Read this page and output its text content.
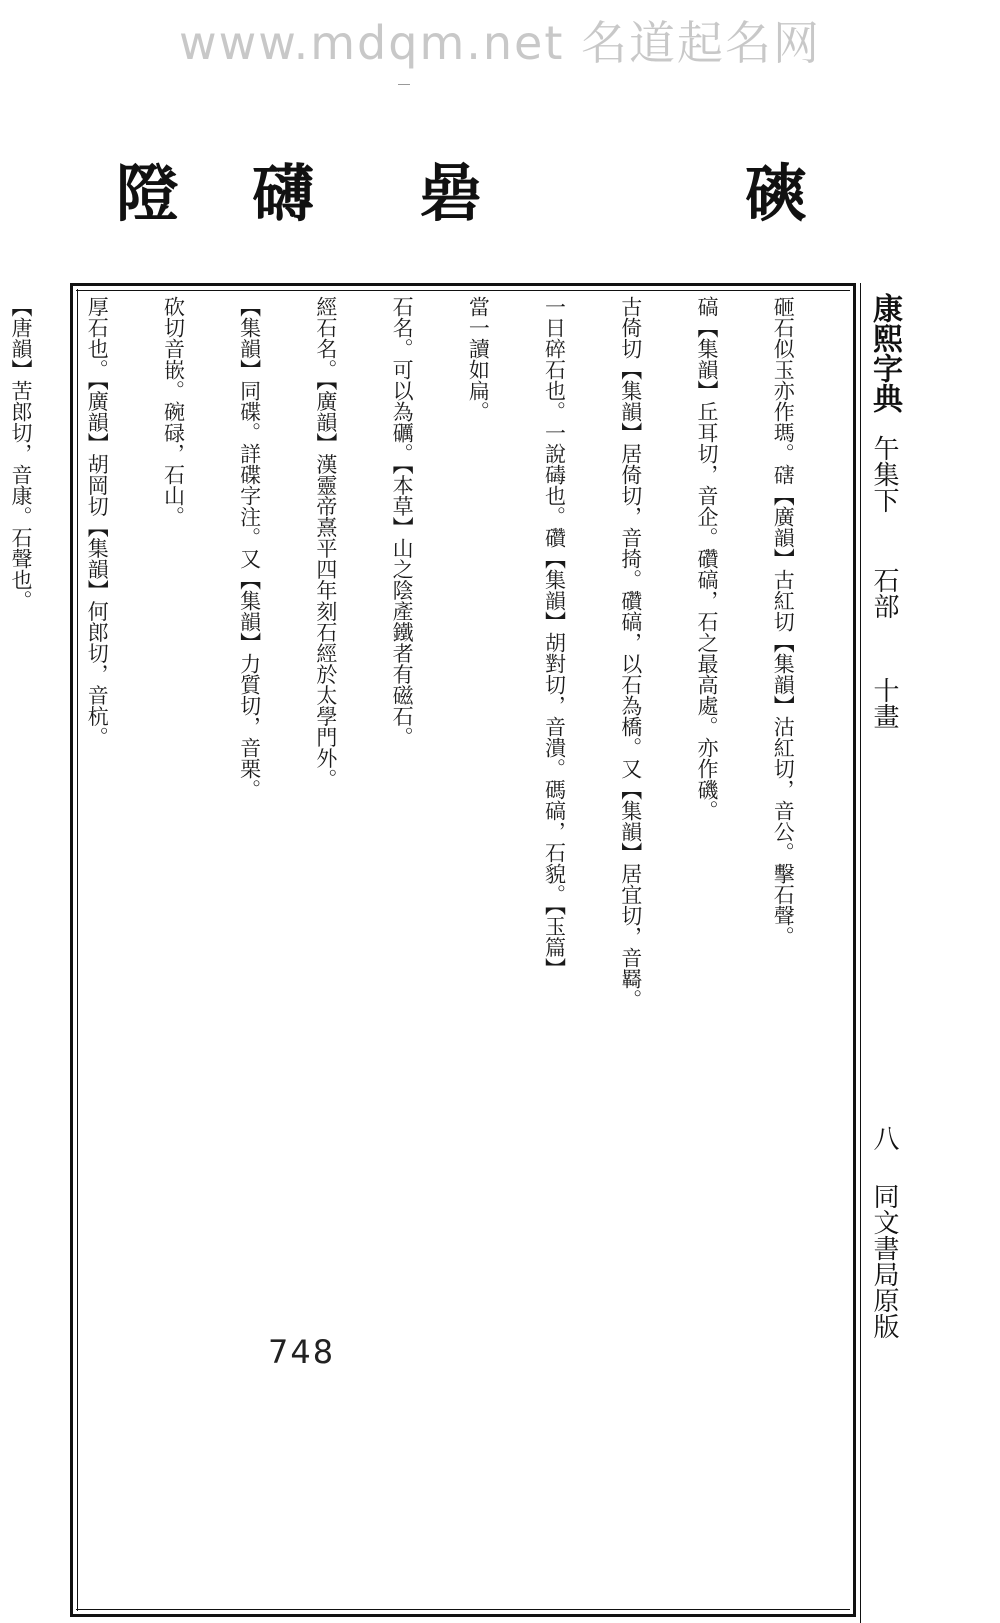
www.mdqm.net 名道起名网
隥 礴 碞	磢

砸石似玉亦作瑪。磍【廣韻】古紅切【集韻】沽紅切，音公。擊石聲。

碻【集韻】丘耳切，音企。礸碻，石之最高處。亦作磯。

古倚切【集韻】居倚切，音掎。礸碻，以石為橋。又【集韻】居宜切，音羇。

一日碎石也。一說碡也。礸【集韻】胡對切，音潰。碼碻，石貌。【玉篇】

當一讀如扁。

石名。可以為礪。【本草】山之陰產鐵者有磁石。

經石名。【廣韻】漢靈帝熹平四年刻石經於太學門外。

【集韻】同碟。詳碟字注。又【集韻】力質切，音栗。

砍切音嵌。碗碌，石山。

厚石也。【廣韻】胡岡切【集韻】何郎切，音杭。

【唐韻】苦郎切，音康。石聲也。

	康熙字典
午集下
石部
十畫
八
同文書局原版
748
